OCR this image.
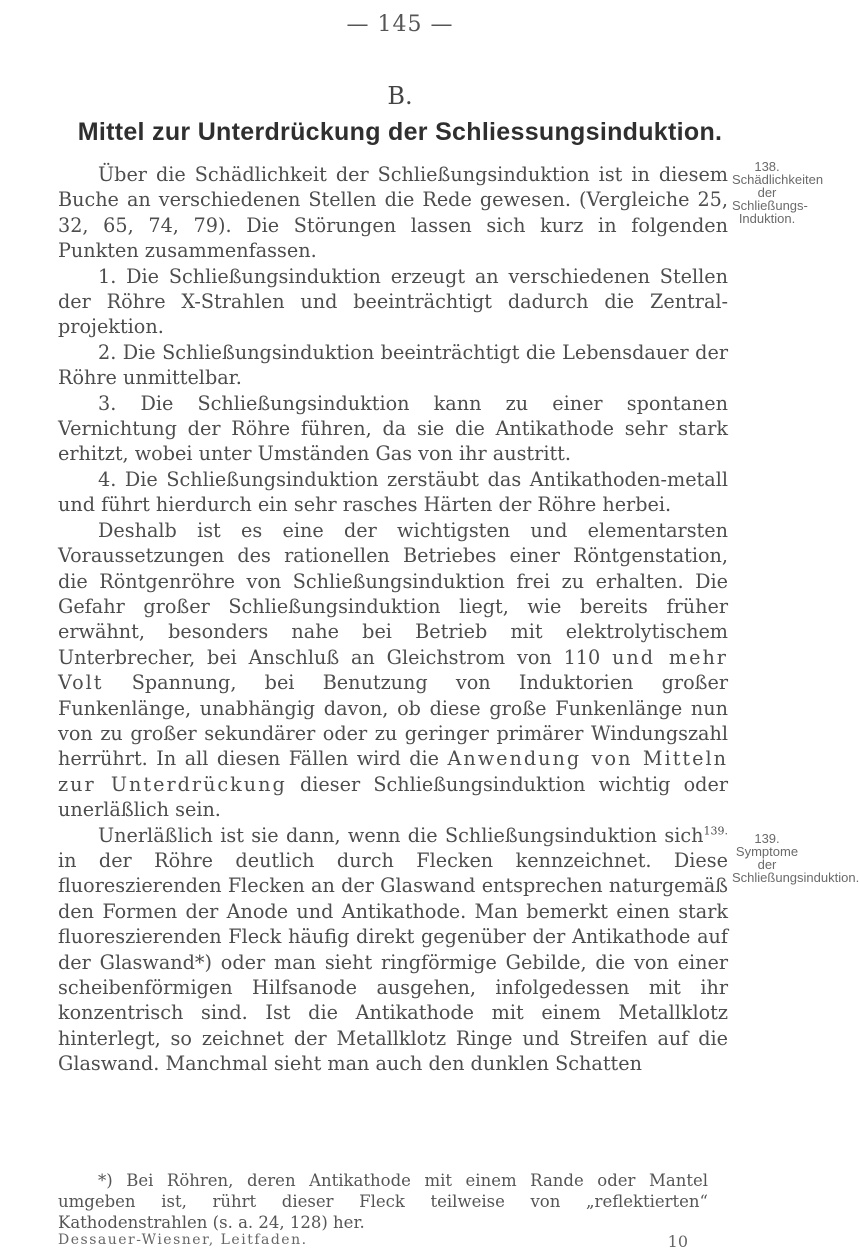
— 145 —
B.
Mittel zur Unterdrückung der Schliessungsinduktion.
138. Schädlichkeiten der Schließungs-Induktion.
139. Symptome der Schließungsinduktion.

Über die Schädlichkeit der Schließungsinduktion ist in diesem Buche an verschiedenen Stellen die Rede gewesen. (Vergleiche 25, 32, 65, 74, 79). Die Störungen lassen sich kurz in folgenden Punkten zusammenfassen.

1. Die Schließungsinduktion erzeugt an verschiedenen Stellen der Röhre X-Strahlen und beeinträchtigt dadurch die Zentral-projektion.

2. Die Schließungsinduktion beeinträchtigt die Lebensdauer der Röhre unmittelbar.

3. Die Schließungsinduktion kann zu einer spontanen Vernichtung der Röhre führen, da sie die Antikathode sehr stark erhitzt, wobei unter Umständen Gas von ihr austritt.

4. Die Schließungsinduktion zerstäubt das Antikathoden-metall und führt hierdurch ein sehr rasches Härten der Röhre herbei.

Deshalb ist es eine der wichtigsten und elementarsten Voraussetzungen des rationellen Betriebes einer Röntgenstation, die Röntgenröhre von Schließungsinduktion frei zu erhalten. Die Gefahr großer Schließungsinduktion liegt, wie bereits früher erwähnt, besonders nahe bei Betrieb mit elektrolytischem Unterbrecher, bei Anschluß an Gleichstrom von 110 und mehr Volt Spannung, bei Benutzung von Induktorien großer Funkenlänge, unabhängig davon, ob diese große Funkenlänge nun von zu großer sekundärer oder zu geringer primärer Windungszahl herrührt. In all diesen Fällen wird die Anwendung von Mitteln zur Unterdrückung dieser Schließungsinduktion wichtig oder unerläßlich sein.

Unerläßlich ist sie dann, wenn die Schließungsinduktion sich$^{139.}$ in der Röhre deutlich durch Flecken kennzeichnet. Diese fluoreszierenden Flecken an der Glaswand entsprechen naturgemäß den Formen der Anode und Antikathode. Man bemerkt einen stark fluoreszierenden Fleck häufig direkt gegenüber der Antikathode auf der Glaswand*) oder man sieht ringförmige Gebilde, die von einer scheibenförmigen Hilfsanode ausgehen, infolgedessen mit ihr konzentrisch sind. Ist die Antikathode mit einem Metallklotz hinterlegt, so zeichnet der Metallklotz Ringe und Streifen auf die Glaswand. Manchmal sieht man auch den dunklen Schatten

*) Bei Röhren, deren Antikathode mit einem Rande oder Mantel umgeben ist, rührt dieser Fleck teilweise von „reflektierten“ Kathodenstrahlen (s. a. 24, 128) her.

Dessauer-Wiesner, Leitfaden.	10
